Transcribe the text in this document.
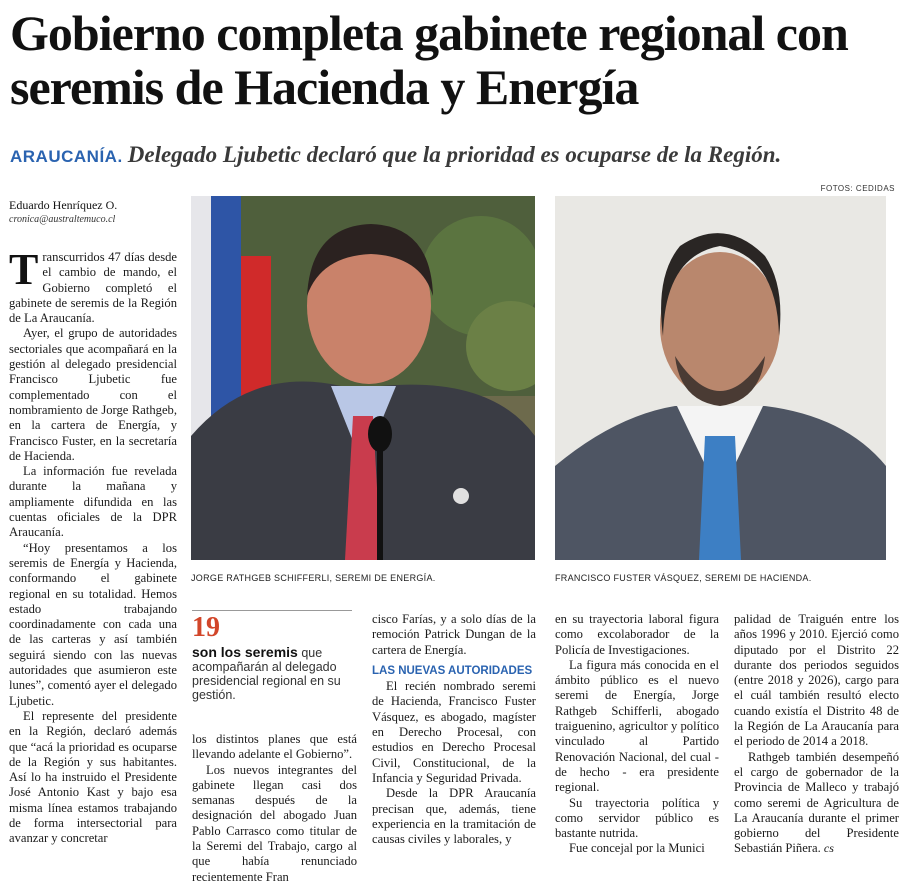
Gobierno completa gabinete regional con seremis de Hacienda y Energía
ARAUCANÍA. Delegado Ljubetic declaró que la prioridad es ocuparse de la Región.
FOTOS: CEDIDAS
Eduardo Henríquez O.
cronica@australtemuco.cl
JORGE RATHGEB SCHIFFERLI, SEREMI DE ENERGÍA.	FRANCISCO FUSTER VÁSQUEZ, SEREMI DE HACIENDA.

Transcurridos 47 días desde el cambio de mando, el Gobierno completó el gabinete de seremis de la Región de La Araucanía.

Ayer, el grupo de autoridades sectoriales que acompañará en la gestión al delegado presidencial Francisco Ljubetic fue complementado con el nombramiento de Jorge Rathgeb, en la cartera de Energía, y Francisco Fuster, en la secretaría de Hacienda.

La información fue revelada durante la mañana y ampliamente difundida en las cuentas oficiales de la DPR Araucanía.

“Hoy presentamos a los seremis de Energía y Hacienda, conformando el gabinete regional en su totalidad. Hemos estado trabajando coordinadamente con cada una de las carteras y así también seguirá siendo con las nuevas autoridades que asumieron este lunes”, comentó ayer el delegado Ljubetic.

El represente del presidente en la Región, declaró además que “acá la prioridad es ocuparse de la Región y sus habitantes. Así lo ha instruido el Presidente José Antonio Kast y bajo esa misma línea estamos trabajando de forma intersectorial para avanzar y concretar

19
son los seremis que acompañarán al delegado presidencial regional en su gestión.

los distintos planes que está llevando adelante el Gobierno”.

Los nuevos integrantes del gabinete llegan casi dos semanas después de la designación del abogado Juan Pablo Carrasco como titular de la Seremi del Trabajo, cargo al que había renunciado recientemente Fran

cisco Farías, y a solo días de la remoción Patrick Dungan de la cartera de Energía.

LAS NUEVAS AUTORIDADES

El recién nombrado seremi de Hacienda, Francisco Fuster Vásquez, es abogado, magíster en Derecho Procesal, con estudios en Derecho Procesal Civil, Constitucional, de la Infancia y Seguridad Privada.

Desde la DPR Araucanía precisan que, además, tiene experiencia en la tramitación de causas civiles y laborales, y

en su trayectoria laboral figura como excolaborador de la Policía de Investigaciones.

La figura más conocida en el ámbito público es el nuevo seremi de Energía, Jorge Rathgeb Schifferli, abogado traiguenino, agricultor y político vinculado al Partido Renovación Nacional, del cual - de hecho - era presidente regional.

Su trayectoria política y como servidor público es bastante nutrida.

Fue concejal por la Munici

palidad de Traiguén entre los años 1996 y 2010. Ejerció como diputado por el Distrito 22 durante dos periodos seguidos (entre 2018 y 2026), cargo para el cuál también resultó electo cuando existía el Distrito 48 de la Región de La Araucanía para el periodo de 2014 a 2018.

Rathgeb también desempeñó el cargo de gobernador de la Provincia de Malleco y trabajó como seremi de Agricultura de La Araucanía durante el primer gobierno del Presidente Sebastián Piñera. cs
